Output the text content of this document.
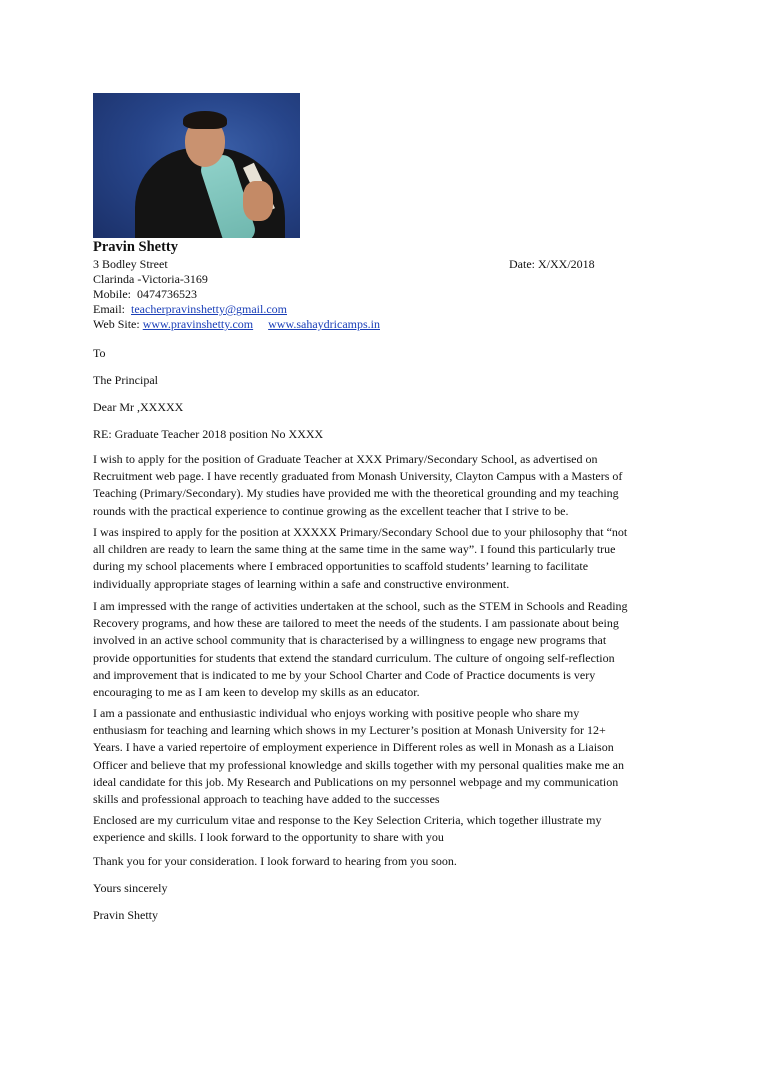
Pravin Shetty

3 Bodley Street	Date: X/XX/2018
Clarinda -Victoria-3169
Mobile: 0474736523
Email: teacherpravinshetty@gmail.com
Web Site: www.pravinshetty.com www.sahaydricamps.in
To
The Principal
Dear Mr ,XXXXX
RE: Graduate Teacher 2018 position No XXXX

I wish to apply for the position of Graduate Teacher at XXX Primary/Secondary School, as advertised on
Recruitment web page. I have recently graduated from Monash University, Clayton Campus with a Masters of
Teaching (Primary/Secondary). My studies have provided me with the theoretical grounding and my teaching
rounds with the practical experience to continue growing as the excellent teacher that I strive to be.

I was inspired to apply for the position at XXXXX Primary/Secondary School due to your philosophy that “not
all children are ready to learn the same thing at the same time in the same way”. I found this particularly true
during my school placements where I embraced opportunities to scaffold students’ learning to facilitate
individually appropriate stages of learning within a safe and constructive environment.

I am impressed with the range of activities undertaken at the school, such as the STEM in Schools and Reading
Recovery programs, and how these are tailored to meet the needs of the students. I am passionate about being
involved in an active school community that is characterised by a willingness to engage new programs that
provide opportunities for students that extend the standard curriculum. The culture of ongoing self-reflection
and improvement that is indicated to me by your School Charter and Code of Practice documents is very
encouraging to me as I am keen to develop my skills as an educator.

I am a passionate and enthusiastic individual who enjoys working with positive people who share my
enthusiasm for teaching and learning which shows in my Lecturer’s position at Monash University for 12+
Years. I have a varied repertoire of employment experience in Different roles as well in Monash as a Liaison
Officer and believe that my professional knowledge and skills together with my personal qualities make me an
ideal candidate for this job. My Research and Publications on my personnel webpage and my communication
skills and professional approach to teaching have added to the successes

Enclosed are my curriculum vitae and response to the Key Selection Criteria, which together illustrate my
experience and skills. I look forward to the opportunity to share with you

Thank you for your consideration. I look forward to hearing from you soon.

Yours sincerely
Pravin Shetty
